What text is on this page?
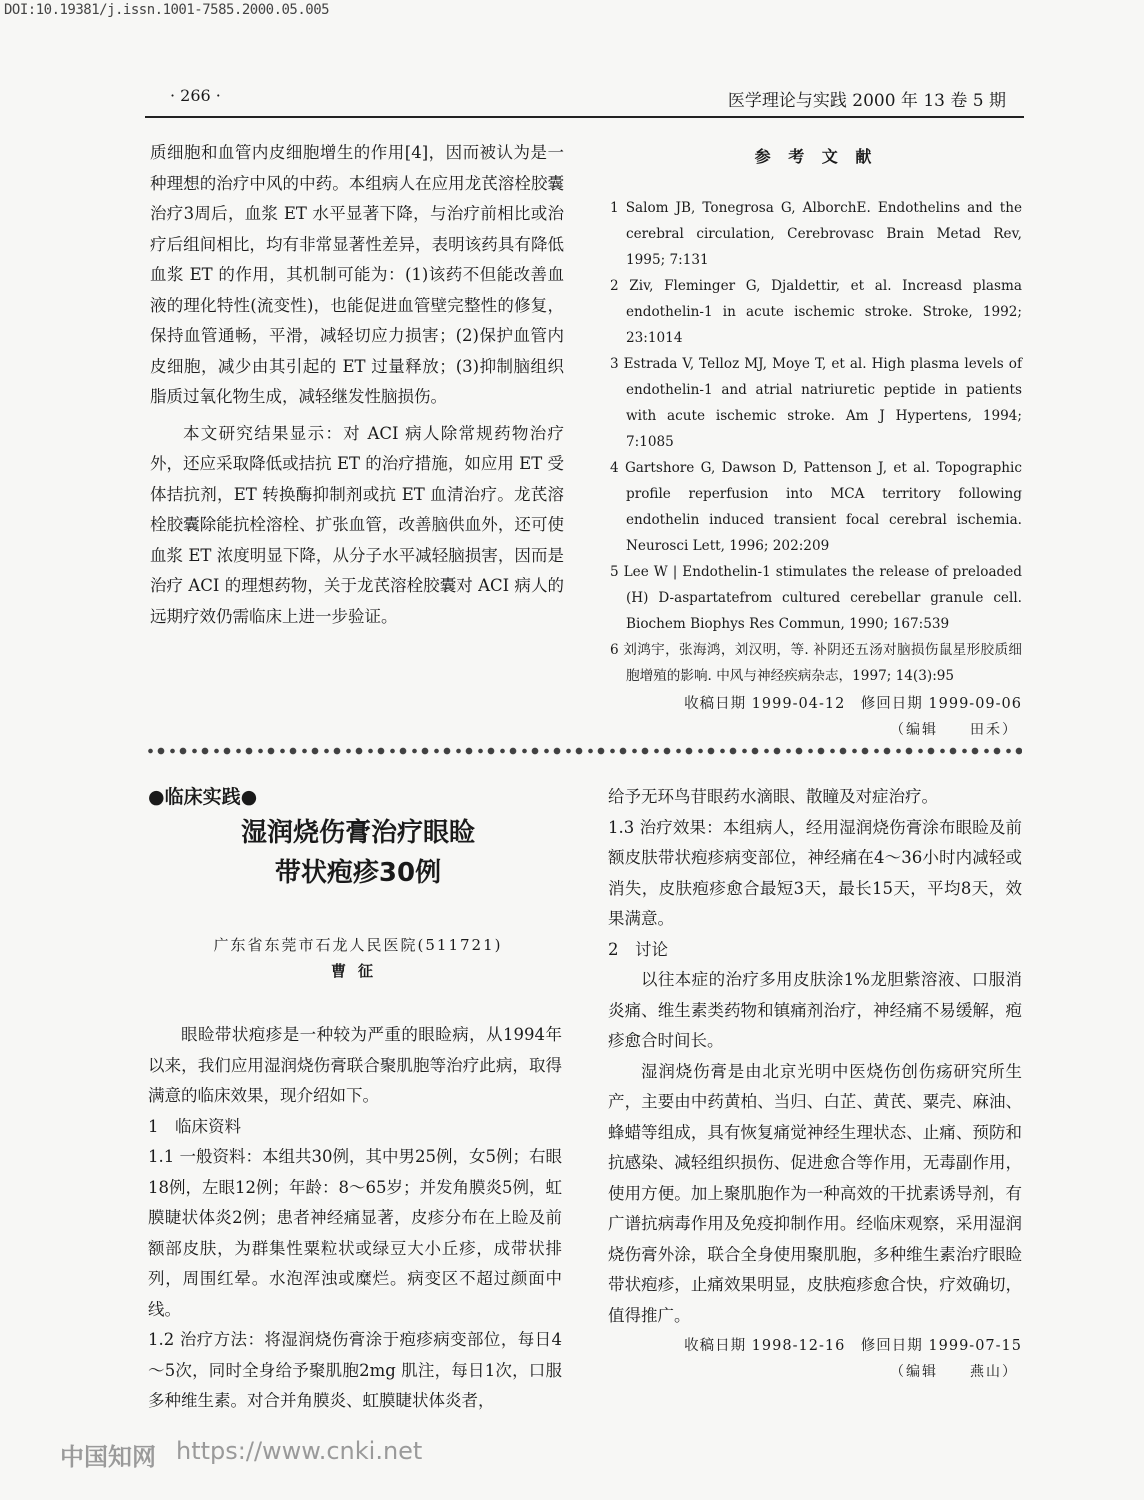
DOI:10.19381/j.issn.1001-7585.2000.05.005
· 266 ·	医学理论与实践 2000 年 13 卷 5 期

质细胞和血管内皮细胞增生的作用[4]，因而被认为是一种理想的治疗中风的中药。本组病人在应用龙芪溶栓胶囊治疗3周后，血浆 ET 水平显著下降，与治疗前相比或治疗后组间相比，均有非常显著性差异，表明该药具有降低血浆 ET 的作用，其机制可能为：(1)该药不但能改善血液的理化特性(流变性)，也能促进血管壁完整性的修复，保持血管通畅，平滑，减轻切应力损害；(2)保护血管内皮细胞，减少由其引起的 ET 过量释放；(3)抑制脑组织脂质过氧化物生成，减轻继发性脑损伤。

本文研究结果显示：对 ACI 病人除常规药物治疗外，还应采取降低或拮抗 ET 的治疗措施，如应用 ET 受体拮抗剂，ET 转换酶抑制剂或抗 ET 血清治疗。龙芪溶栓胶囊除能抗栓溶栓、扩张血管，改善脑供血外，还可使血浆 ET 浓度明显下降，从分子水平减轻脑损害，因而是治疗 ACI 的理想药物，关于龙芪溶栓胶囊对 ACI 病人的远期疗效仍需临床上进一步验证。

参 考 文 献
1 Salom JB, Tonegrosa G, AlborchE. Endothelins and the cerebral circulation, Cerebrovasc Brain Metad Rev, 1995; 7:131
2 Ziv, Fleminger G, Djaldettir, et al. Increasd plasma endothelin-1 in acute ischemic stroke. Stroke, 1992; 23:1014
3 Estrada V, Telloz MJ, Moye T, et al. High plasma levels of endothelin-1 and atrial natriuretic peptide in patients with acute ischemic stroke. Am J Hypertens, 1994; 7:1085
4 Gartshore G, Dawson D, Pattenson J, et al. Topographic profile reperfusion into MCA territory following endothelin induced transient focal cerebral ischemia. Neurosci Lett, 1996; 202:209
5 Lee W | Endothelin-1 stimulates the release of preloaded (H) D-aspartatefrom cultured cerebellar granule cell. Biochem Biophys Res Commun, 1990; 167:539
6 刘鸿宇，张海鸿，刘汉明，等. 补阴还五汤对脑损伤鼠星形胶质细胞增殖的影响. 中风与神经疾病杂志，1997; 14(3):95
收稿日期 1999-04-12　修回日期 1999-09-06
（编辑　　田禾）
●临床实践●
湿润烧伤膏治疗眼睑
带状疱疹30例
广东省东莞市石龙人民医院(511721)
曹征

眼睑带状疱疹是一种较为严重的眼睑病，从1994年以来，我们应用湿润烧伤膏联合聚肌胞等治疗此病，取得满意的临床效果，现介绍如下。

1　临床资料

1.1 一般资料：本组共30例，其中男25例，女5例；右眼18例，左眼12例；年龄：8～65岁；并发角膜炎5例，虹膜睫状体炎2例；患者神经痛显著，皮疹分布在上睑及前额部皮肤，为群集性粟粒状或绿豆大小丘疹，成带状排列，周围红晕。水泡浑浊或糜烂。病变区不超过颜面中线。

1.2 治疗方法：将湿润烧伤膏涂于疱疹病变部位，每日4～5次，同时全身给予聚肌胞2mg 肌注，每日1次，口服多种维生素。对合并角膜炎、虹膜睫状体炎者，

给予无环鸟苷眼药水滴眼、散瞳及对症治疗。

1.3 治疗效果：本组病人，经用湿润烧伤膏涂布眼睑及前额皮肤带状疱疹病变部位，神经痛在4～36小时内减轻或消失，皮肤疱疹愈合最短3天，最长15天，平均8天，效果满意。

2　讨论

以往本症的治疗多用皮肤涂1%龙胆紫溶液、口服消炎痛、维生素类药物和镇痛剂治疗，神经痛不易缓解，疱疹愈合时间长。

湿润烧伤膏是由北京光明中医烧伤创伤疡研究所生产，主要由中药黄柏、当归、白芷、黄芪、粟壳、麻油、蜂蜡等组成，具有恢复痛觉神经生理状态、止痛、预防和抗感染、减轻组织损伤、促进愈合等作用，无毒副作用，使用方便。加上聚肌胞作为一种高效的干扰素诱导剂，有广谱抗病毒作用及免疫抑制作用。经临床观察，采用湿润烧伤膏外涂，联合全身使用聚肌胞，多种维生素治疗眼睑带状疱疹，止痛效果明显，皮肤疱疹愈合快，疗效确切，值得推广。

收稿日期 1998-12-16　修回日期 1999-07-15
（编辑　　燕山）
中国知网 https://www.cnki.net
